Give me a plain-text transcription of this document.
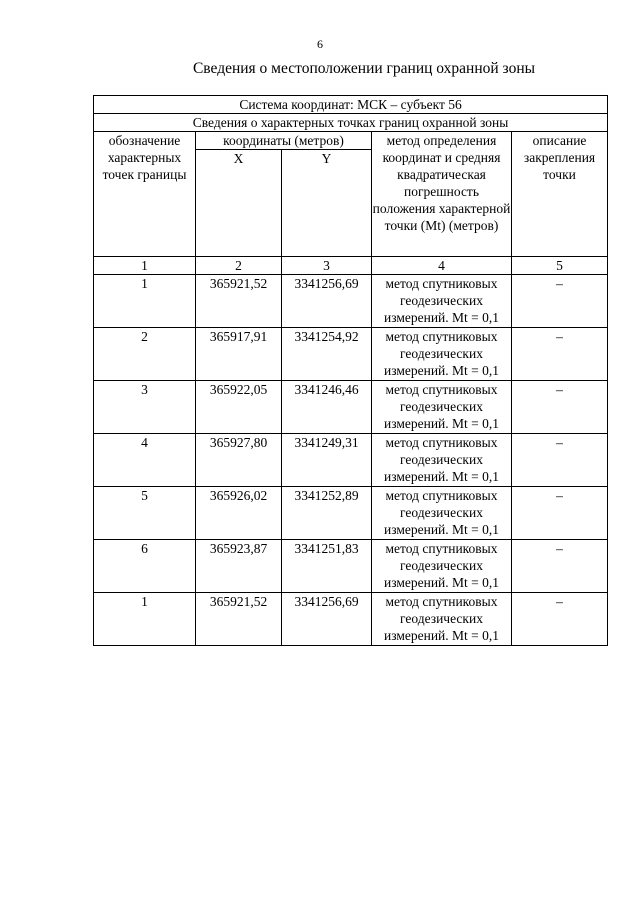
6
Сведения о местоположении границ охранной зоны
Система координат: МСК – субъект 56				
Сведения о характерных точках границ охранной зоны				
обозначение характерных точек границы	координаты (метров)		метод определения координат и средняя квадратическая погрешность положения характерной точки (Mt) (метров)	описание закрепления точки
	X	Y		
1	2	3	4	5
1	365921,52	3341256,69	метод спутниковых геодезических измерений. Mt = 0,1	–
2	365917,91	3341254,92	метод спутниковых геодезических измерений. Mt = 0,1	–
3	365922,05	3341246,46	метод спутниковых геодезических измерений. Mt = 0,1	–
4	365927,80	3341249,31	метод спутниковых геодезических измерений. Mt = 0,1	–
5	365926,02	3341252,89	метод спутниковых геодезических измерений. Mt = 0,1	–
6	365923,87	3341251,83	метод спутниковых геодезических измерений. Mt = 0,1	–
1	365921,52	3341256,69	метод спутниковых геодезических измерений. Mt = 0,1	–
